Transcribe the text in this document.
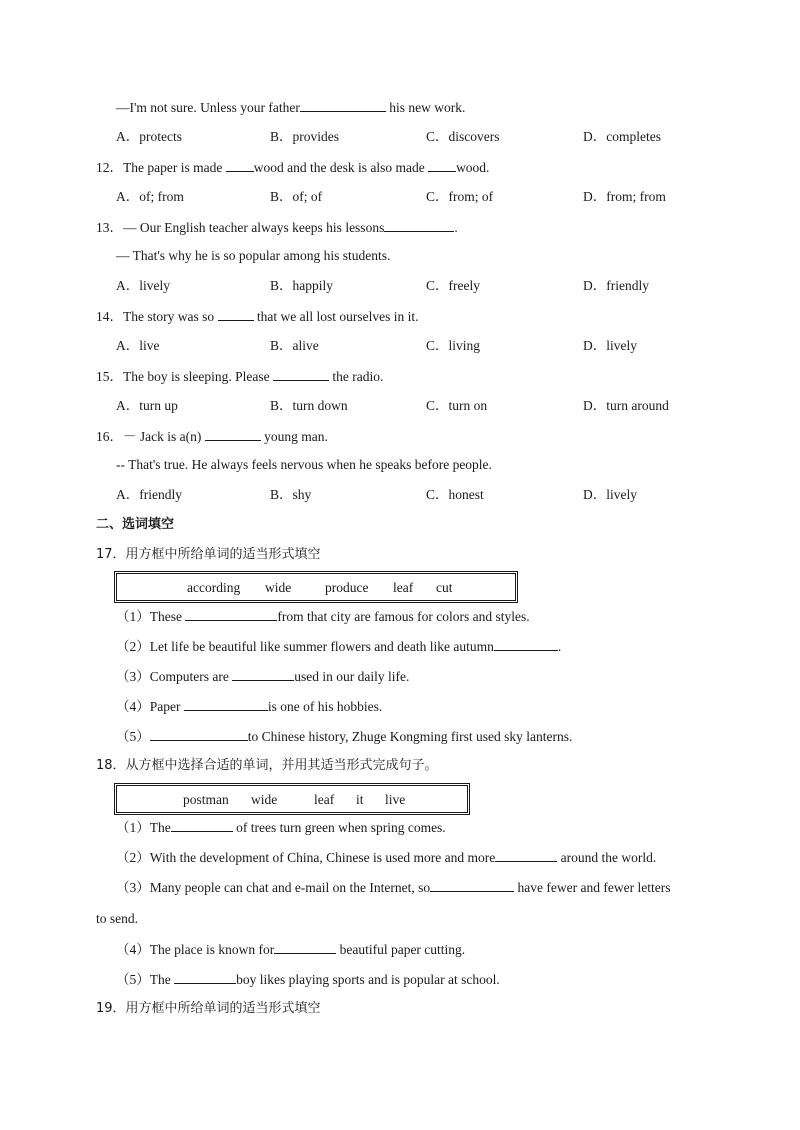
—I'm not sure. Unless your father	his new work.
A．protects	B．provides	C．discovers	D．completes
12．The paper is made wood and the desk is also made wood.
A．of; from	B．of; of	C．from; of	D．from; from
13．— Our English teacher always keeps his lessons	.
— That's why he is so popular among his students.
A．lively	B．happily	C．freely	D．friendly
14．The story was so	that we all lost ourselves in it.
A．live	B．alive	C．living	D．lively
15．The boy is sleeping. Please	the radio.
A．turn up	B．turn down	C．turn on	D．turn around
16．－ Jack is a(n)	young man.
-- That's true. He always feels nervous when he speaks before people.
A．friendly	B．shy	C．honest	D．lively
二、选词填空
17．用方框中所给单词的适当形式填空
according wide	produce leaf cut
（1）These	from that city are famous for colors and styles.
（2）Let life be beautiful like summer flowers and death like autumn	.
（3）Computers are	used in our daily life.
（4）Paper	is one of his hobbies.
（5）	to Chinese history, Zhuge Kongming first used sky lanterns.
18．从方框中选择合适的单词，并用其适当形式完成句子。
postman wide	leaf it live
（1）The	of trees turn green when spring comes.
（2）With the development of China, Chinese is used more and more	around the world.
（3）Many people can chat and e-mail on the Internet, so	have fewer and fewer letters
to send.
（4）The place is known for	beautiful paper cutting.
（5）The	boy likes playing sports and is popular at school.
19．用方框中所给单词的适当形式填空
